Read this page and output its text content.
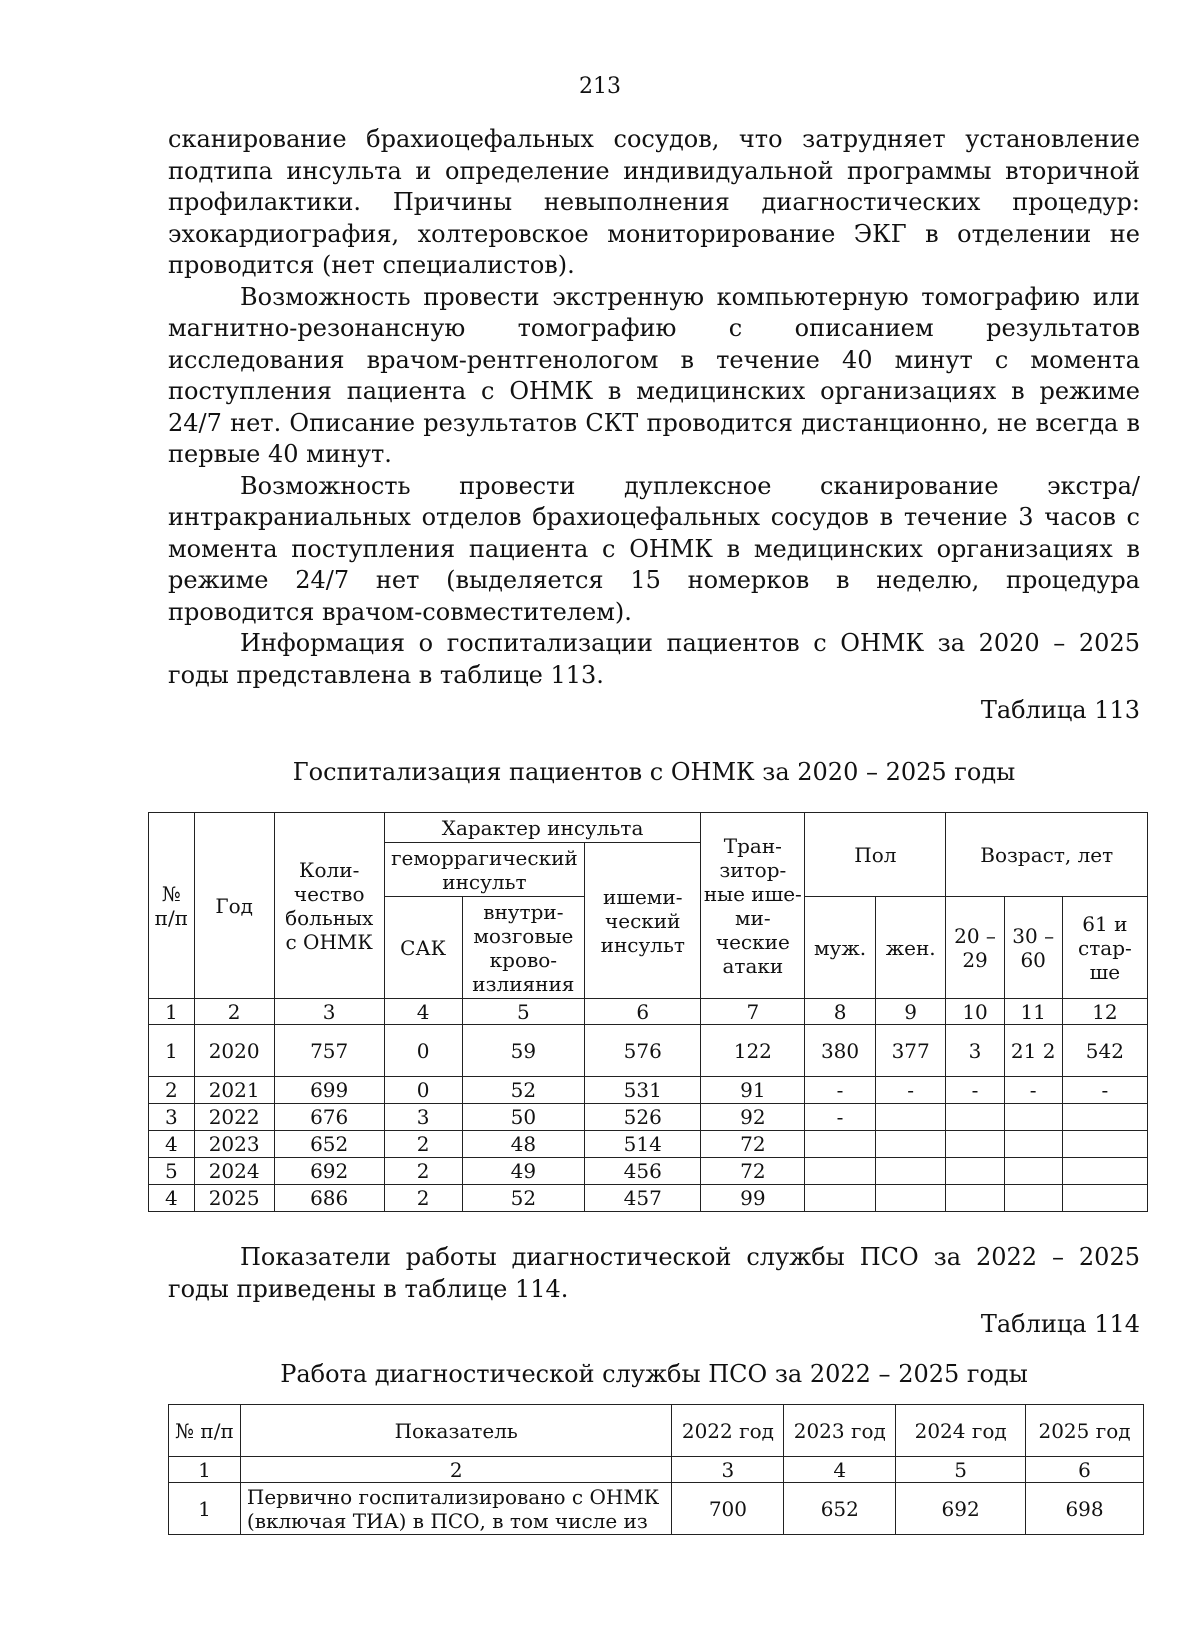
213

сканирование брахиоцефальных сосудов, что затрудняет установление подтипа инсульта и определение индивидуальной программы вторичной профилактики. Причины невыполнения диагностических процедур: эхокардиография, холтеровское мониторирование ЭКГ в отделении не проводится (нет специалистов).

Возможность провести экстренную компьютерную томографию или магнитно-резонансную томографию с описанием результатов исследования врачом-рентгенологом в течение 40 минут с момента поступления пациента с ОНМК в медицинских организациях в режиме 24/7 нет. Описание результатов СКТ проводится дистанционно, не всегда в первые 40 минут.

Возможность провести дуплексное сканирование экстра/интракраниальных отделов брахиоцефальных сосудов в течение 3 часов с момента поступления пациента с ОНМК в медицинских организациях в режиме 24/7 нет (выделяется 15 номерков в неделю, процедура проводится врачом-совместителем).

Информация о госпитализации пациентов с ОНМК за 2020 – 2025 годы представлена в таблице 113.

Таблица 113

Госпитализация пациентов с ОНМК за 2020 – 2025 годы

№ п/п	Год	Коли-чество больных с ОНМК	Характер инсульта			Тран-зитор-ные ише-ми-ческие атаки	Пол		Возраст, лет		
			геморрагический инсульт		ишеми-ческий инсульт						
			САК	внутри-мозговые крово-излияния			муж.	жен.	20 – 29	30 – 60	61 и стар-ше
1	2	3	4	5	6	7	8	9	10	11	12
1	2020	757	0	59	576	122	380	377	3	21 2	542
2	2021	699	0	52	531	91	-	-	-	-	-
3	2022	676	3	50	526	92	-				
4	2023	652	2	48	514	72					
5	2024	692	2	49	456	72					
4	2025	686	2	52	457	99					

Показатели работы диагностической службы ПСО за 2022 – 2025 годы приведены в таблице 114.

Таблица 114

Работа диагностической службы ПСО за 2022 – 2025 годы

№ п/п	Показатель	2022 год	2023 год	2024 год	2025 год
1	2	3	4	5	6
1	Первично госпитализировано с ОНМК (включая ТИА) в ПСО, в том числе из	700	652	692	698
